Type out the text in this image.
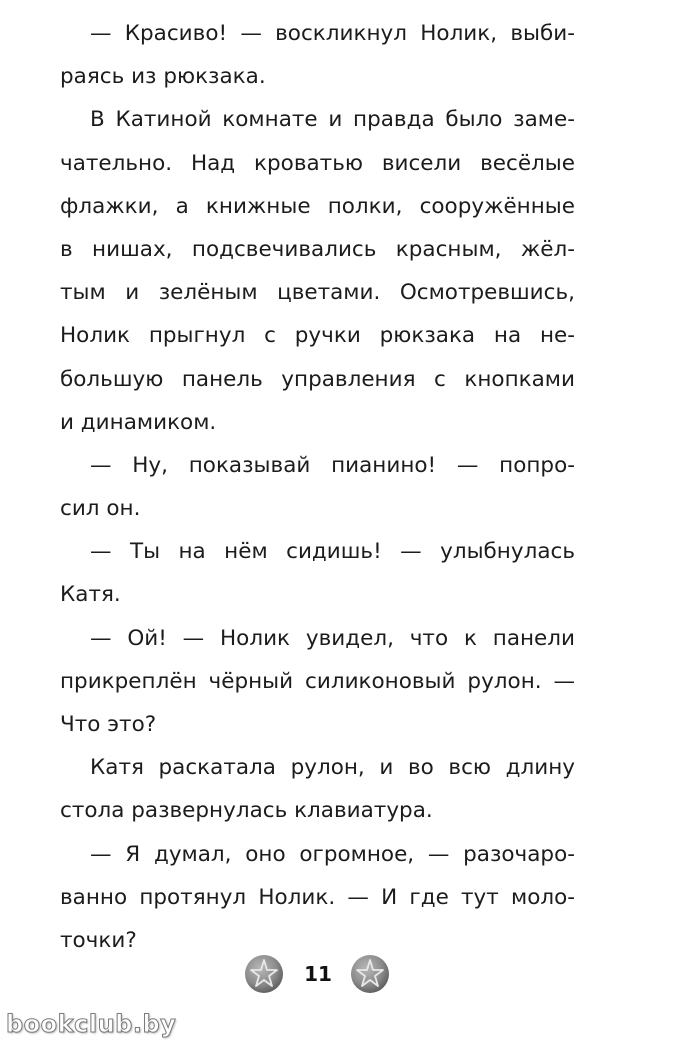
— Красиво! — воскликнул Нолик, выби-
раясь из рюкзака.
В Катиной комнате и правда было заме-
чательно. Над кроватью висели весёлые
флажки, а книжные полки, сооружённые
в нишах, подсвечивались красным, жёл-
тым и зелёным цветами. Осмотревшись,
Нолик прыгнул с ручки рюкзака на не-
большую панель управления с кнопками
и динамиком.
— Ну, показывай пианино! — попро-
сил он.
— Ты на нём сидишь! — улыбнулась
Катя.
— Ой! — Нолик увидел, что к панели
прикреплён чёрный силиконовый рулон. —
Что это?
Катя раскатала рулон, и во всю длину
стола развернулась клавиатура.
— Я думал, оно огромное, — разочаро-
ванно протянул Нолик. — И где тут моло-
точки?
11
bookclub.by
